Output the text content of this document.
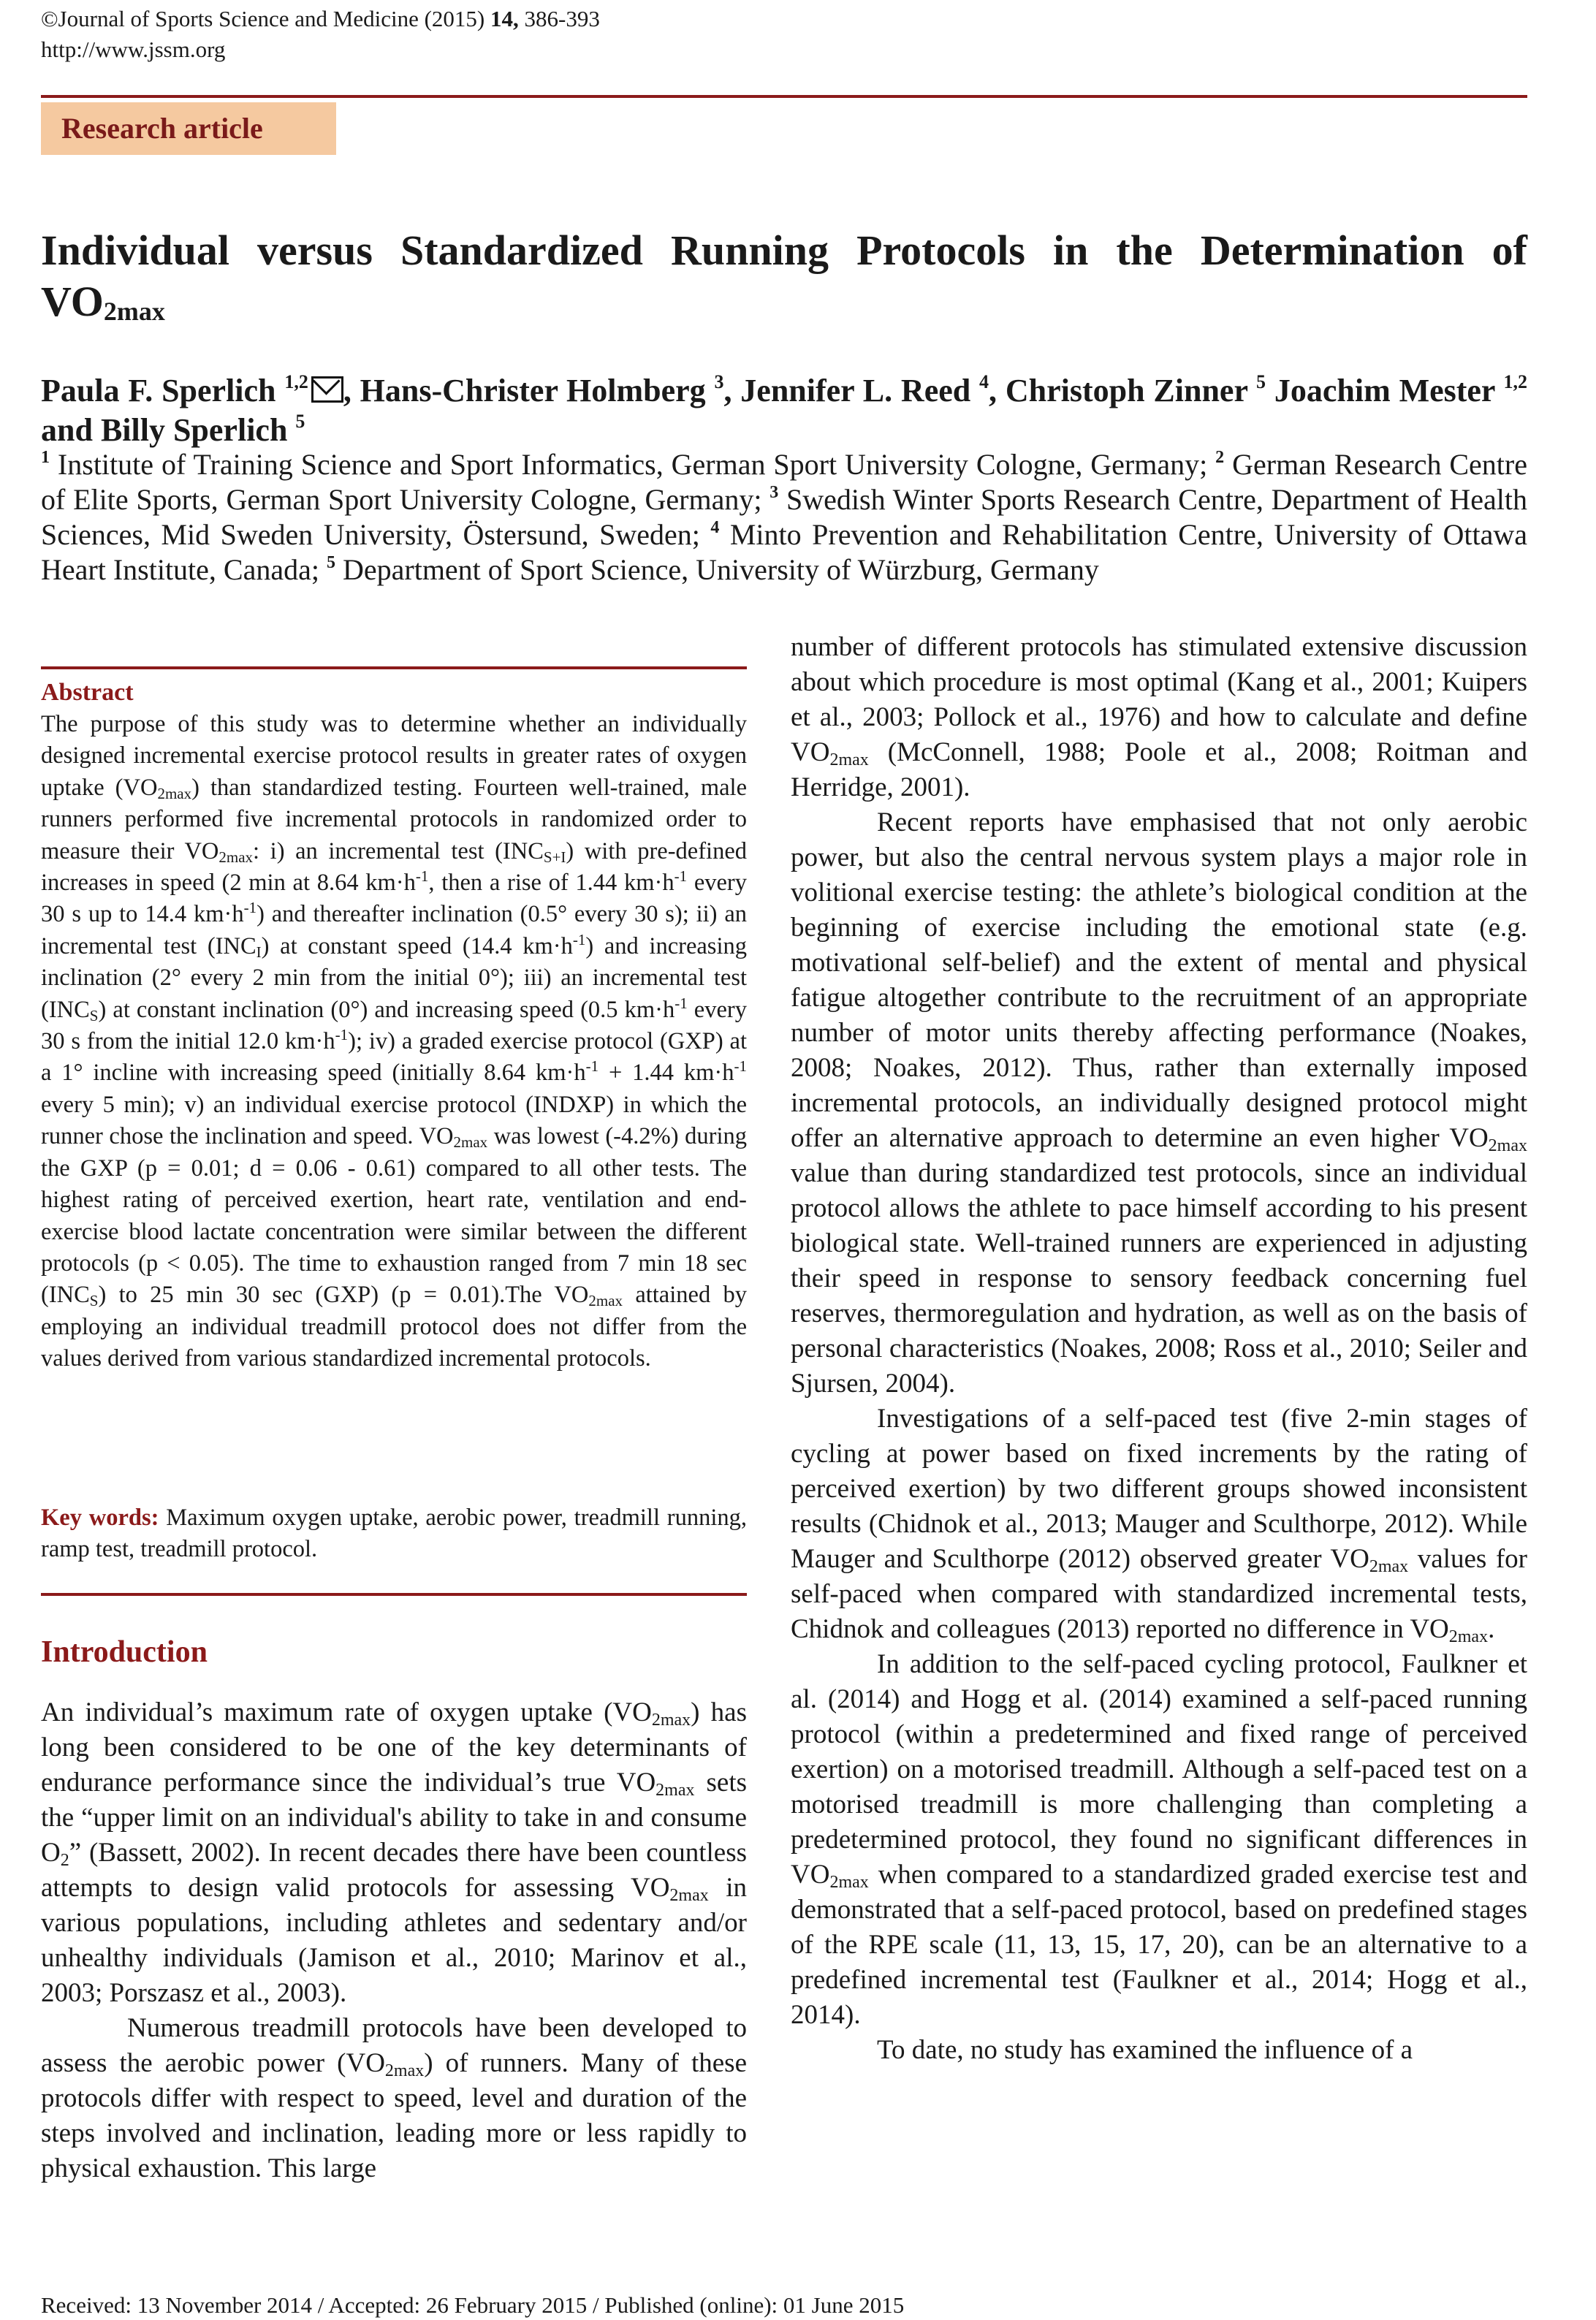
©Journal of Sports Science and Medicine (2015) 14, 386-393
http://www.jssm.org
Research article
Individual versus Standardized Running Protocols in the Determination of
$VO_{2max}$
Paula F. Sperlich $^{1,2}$ , Hans-Christer Holmberg $^3$, Jennifer L. Reed $^4$, Christoph Zinner $^5$ Joachim Mester $^{1,2}$ and Billy Sperlich $^5$
$^1$ Institute of Training Science and Sport Informatics, German Sport University Cologne, Germany; $^2$ German Research Centre of Elite Sports, German Sport University Cologne, Germany; $^3$ Swedish Winter Sports Research Centre, Department of Health Sciences, Mid Sweden University, Östersund, Sweden; $^4$ Minto Prevention and Rehabilitation Centre, University of Ottawa Heart Institute, Canada; $^5$ Department of Sport Science, University of Würzburg, Germany
Abstract
The purpose of this study was to determine whether an individually designed incremental exercise protocol results in greater rates of oxygen uptake $(VO_{2max})$ than standardized testing. Fourteen well-trained, male runners performed five incremental protocols in randomized order to measure their $VO_{2max}$: i) an incremental test $(INC_{S+I})$ with pre-defined increases in speed (2 min at 8.64 $km\cdot h^{-1}$, then a rise of 1.44 $km\cdot h^{-1}$ every 30 s up to 14.4 $km\cdot h^{-1}$) and thereafter inclination (0.5° every 30 s); ii) an incremental test $(INC_I)$ at constant speed (14.4 $km\cdot h^{-1}$) and increasing inclination (2° every 2 min from the initial 0°); iii) an incremental test $(INC_S)$ at constant inclination (0°) and increasing speed (0.5 $km\cdot h^{-1}$ every 30 s from the initial 12.0 $km\cdot h^{-1}$); iv) a graded exercise protocol (GXP) at a 1° incline with increasing speed (initially 8.64 $km\cdot h^{-1} + 1.44$ $km\cdot h^{-1}$ every 5 min); v) an individual exercise protocol (INDXP) in which the runner chose the inclination and speed. $VO_{2max}$ was lowest (-4.2%) during the GXP (p = 0.01; d = 0.06 - 0.61) compared to all other tests. The highest rating of perceived exertion, heart rate, ventilation and end-exercise blood lactate concentration were similar between the different protocols (p < 0.05). The time to exhaustion ranged from 7 min 18 $\sec (INC_S)$ to 25 min 30 sec (GXP) (p = 0.01).The $VO_{2max}$ attained by employing an individual treadmill protocol does not differ from the values derived from various standardized incremental protocols.
Key words: Maximum oxygen uptake, aerobic power, treadmill running, ramp test, treadmill protocol.
Introduction

An individual’s maximum rate of oxygen uptake $(VO_{2max})$ has long been considered to be one of the key determinants of endurance performance since the individual’s true $VO_{2max}$ sets the “upper limit on an individual's ability to take in and consume $O_2$” (Bassett, 2002). In recent decades there have been countless attempts to design valid protocols for assessing $VO_{2max}$ in various populations, including athletes and sedentary and/or unhealthy individuals (Jamison et al., 2010; Marinov et al., 2003; Porszasz et al., 2003).

Numerous treadmill protocols have been developed to assess the aerobic power $(VO_{2max})$ of runners. Many of these protocols differ with respect to speed, level and duration of the steps involved and inclination, leading more or less rapidly to physical exhaustion. This large

number of different protocols has stimulated extensive discussion about which procedure is most optimal (Kang et al., 2001; Kuipers et al., 2003; Pollock et al., 1976) and how to calculate and define $VO_{2max}$ (McConnell, 1988; Poole et al., 2008; Roitman and Herridge, 2001).

Recent reports have emphasised that not only aerobic power, but also the central nervous system plays a major role in volitional exercise testing: the athlete’s biological condition at the beginning of exercise including the emotional state (e.g. motivational self-belief) and the extent of mental and physical fatigue altogether contribute to the recruitment of an appropriate number of motor units thereby affecting performance (Noakes, 2008; Noakes, 2012). Thus, rather than externally imposed incremental protocols, an individually designed protocol might offer an alternative approach to determine an even higher $VO_{2max}$ value than during standardized test protocols, since an individual protocol allows the athlete to pace himself according to his present biological state. Well-trained runners are experienced in adjusting their speed in response to sensory feedback concerning fuel reserves, thermoregulation and hydration, as well as on the basis of personal characteristics (Noakes, 2008; Ross et al., 2010; Seiler and Sjursen, 2004).

Investigations of a self-paced test (five 2-min stages of cycling at power based on fixed increments by the rating of perceived exertion) by two different groups showed inconsistent results (Chidnok et al., 2013; Mauger and Sculthorpe, 2012). While Mauger and Sculthorpe (2012) observed greater $VO_{2max}$ values for self-paced when compared with standardized incremental tests, Chidnok and colleagues (2013) reported no difference in $VO_{2max}$.

In addition to the self-paced cycling protocol, Faulkner et al. (2014) and Hogg et al. (2014) examined a self-paced running protocol (within a predetermined and fixed range of perceived exertion) on a motorised treadmill. Although a self-paced test on a motorised treadmill is more challenging than completing a predetermined protocol, they found no significant differences in $VO_{2max}$ when compared to a standardized graded exercise test and demonstrated that a self-paced protocol, based on predefined stages of the RPE scale (11, 13, 15, 17, 20), can be an alternative to a predefined incremental test (Faulkner et al., 2014; Hogg et al., 2014).

To date, no study has examined the influence of a

Received: 13 November 2014 / Accepted: 26 February 2015 / Published (online): 01 June 2015
